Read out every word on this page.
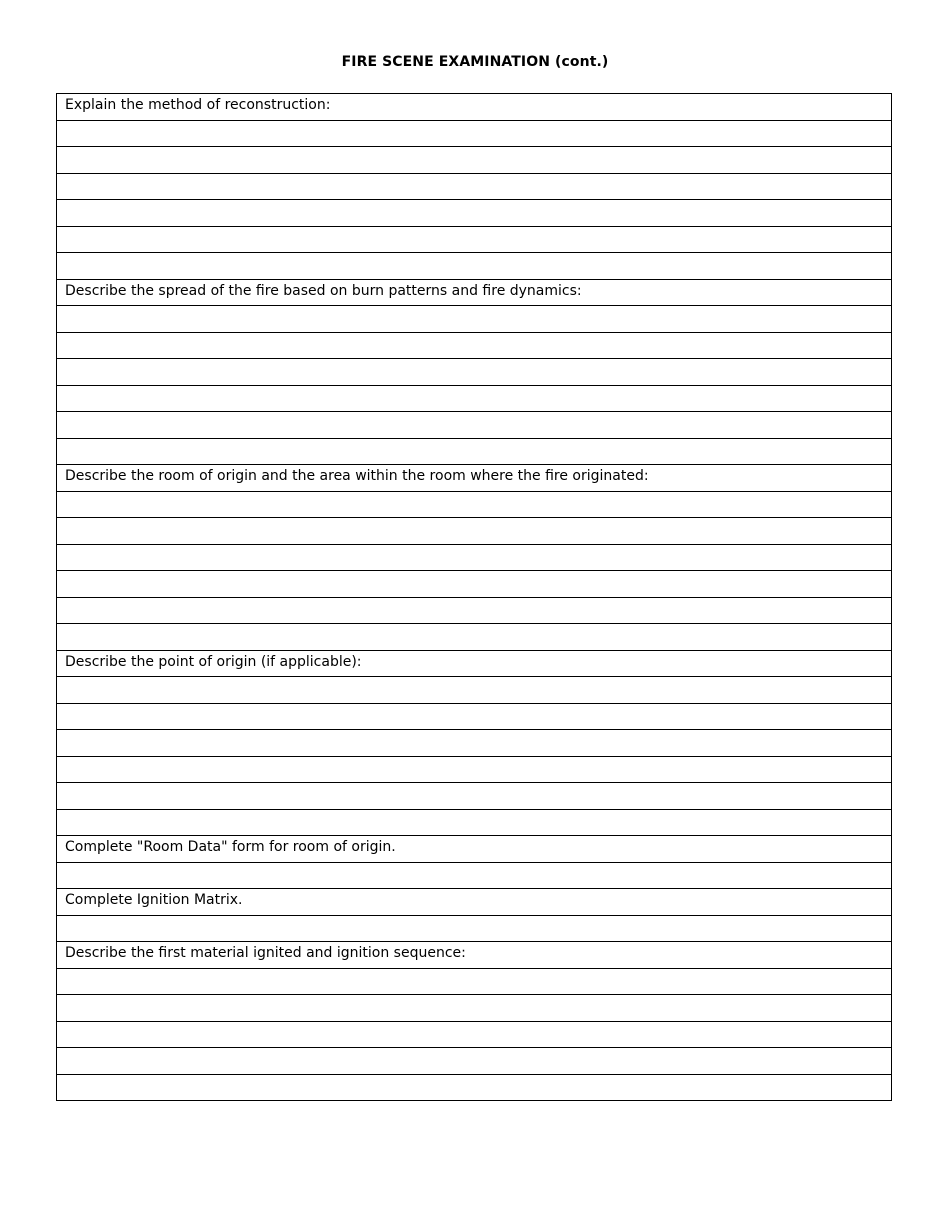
FIRE SCENE EXAMINATION (cont.)
Explain the method of reconstruction:
Describe the spread of the fire based on burn patterns and fire dynamics:
Describe the room of origin and the area within the room where the fire originated:
Describe the point of origin (if applicable):
Complete "Room Data" form for room of origin.
Complete Ignition Matrix.
Describe the first material ignited and ignition sequence:
